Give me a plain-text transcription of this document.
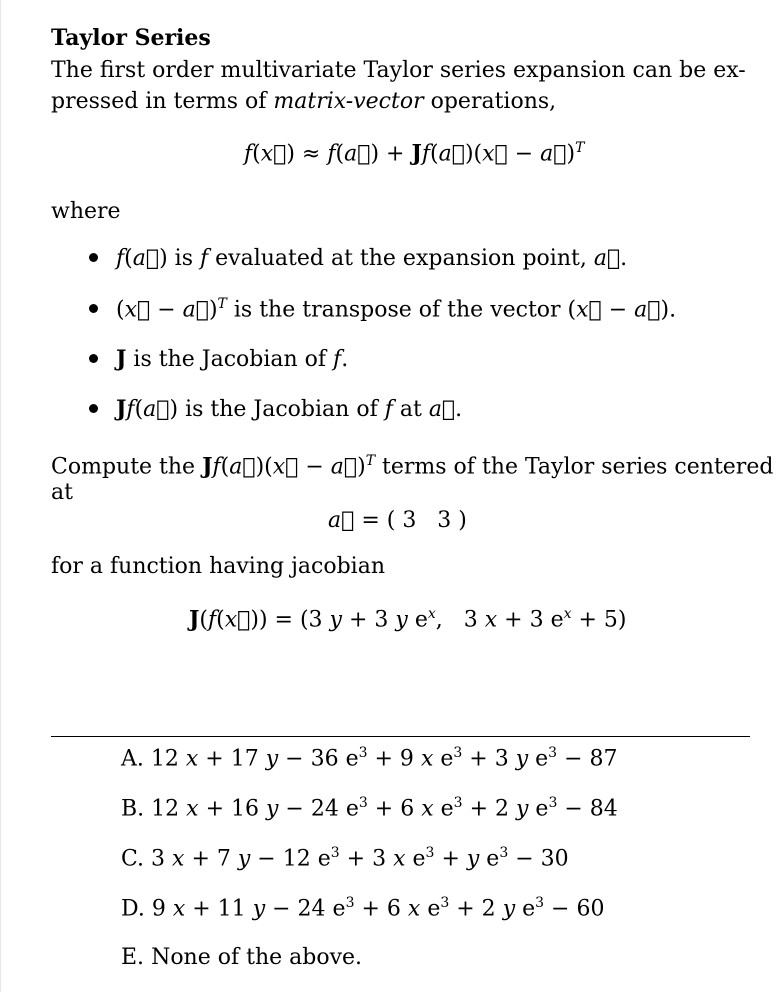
Taylor Series
The first order multivariate Taylor series expansion can be ex-
pressed in terms of matrix-vector operations,
f(x⃗) ≈ f(a⃗) + Jf(a⃗)(x⃗ − a⃗)$^T$
where
f(a⃗) is f evaluated at the expansion point, a⃗.
(x⃗ − a⃗)$^T$ is the transpose of the vector (x⃗ − a⃗).
J is the Jacobian of f.
Jf(a⃗) is the Jacobian of f at a⃗.
Compute the Jf(a⃗)(x⃗ − a⃗)$^T$ terms of the Taylor series centered
at
a⃗ = ( 3   3 )
for a function having jacobian
J(f(x⃗)) = (3 y + 3 y $e^x$,   3 x + 3 $e^x + 5$)
A. 12 x + 17 y − 36 $e^3 + 9$ x $e^3 + 3$ y $e^3 - 87$
B. 12 x + 16 y − 24 $e^3 + 6$ x $e^3 + 2$ y $e^3 - 84$
C. 3 x + 7 y − 12 $e^3 + 3$ x $e^3 + y$ $e^3 - 30$
D. 9 x + 11 y − 24 $e^3 + 6$ x $e^3 + 2$ y $e^3 - 60$
E. None of the above.
